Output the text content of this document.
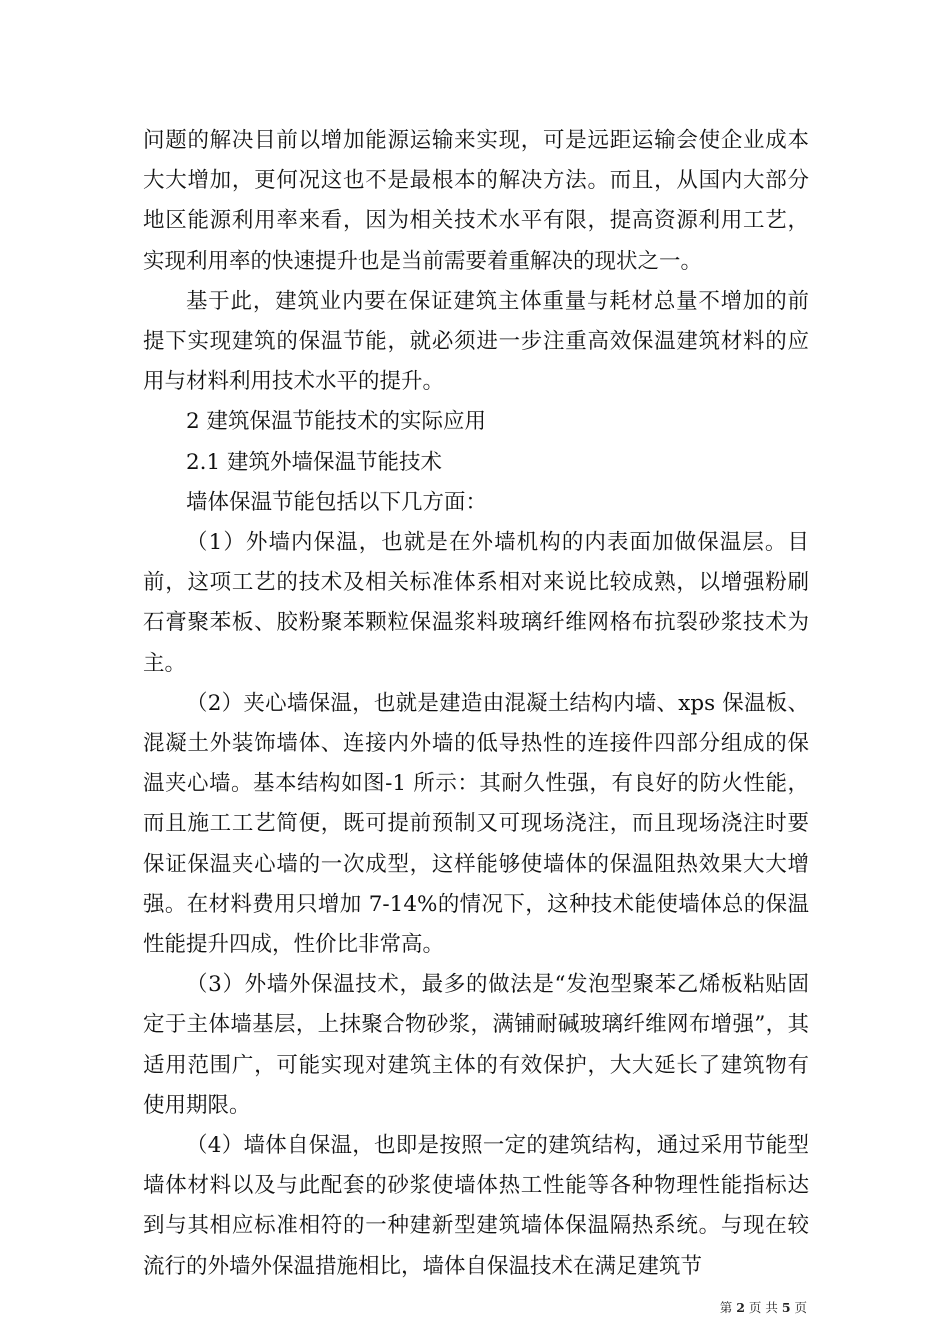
问题的解决目前以增加能源运输来实现，可是远距运输会使企业成本大大增加，更何况这也不是最根本的解决方法。而且，从国内大部分地区能源利用率来看，因为相关技术水平有限，提高资源利用工艺，实现利用率的快速提升也是当前需要着重解决的现状之一。

基于此，建筑业内要在保证建筑主体重量与耗材总量不增加的前提下实现建筑的保温节能，就必须进一步注重高效保温建筑材料的应用与材料利用技术水平的提升。

2 建筑保温节能技术的实际应用

2.1 建筑外墙保温节能技术

墙体保温节能包括以下几方面：

（1）外墙内保温，也就是在外墙机构的内表面加做保温层。目前，这项工艺的技术及相关标准体系相对来说比较成熟，以增强粉刷石膏聚苯板、胶粉聚苯颗粒保温浆料玻璃纤维网格布抗裂砂浆技术为主。

（2）夹心墙保温，也就是建造由混凝土结构内墙、xps 保温板、混凝土外装饰墙体、连接内外墙的低导热性的连接件四部分组成的保温夹心墙。基本结构如图-1 所示：其耐久性强，有良好的防火性能，而且施工工艺简便，既可提前预制又可现场浇注，而且现场浇注时要保证保温夹心墙的一次成型，这样能够使墙体的保温阻热效果大大增强。在材料费用只增加 7-14%的情况下，这种技术能使墙体总的保温性能提升四成，性价比非常高。

（3）外墙外保温技术，最多的做法是“发泡型聚苯乙烯板粘贴固定于主体墙基层，上抹聚合物砂浆，满铺耐碱玻璃纤维网布增强”，其适用范围广，可能实现对建筑主体的有效保护，大大延长了建筑物有使用期限。

（4）墙体自保温，也即是按照一定的建筑结构，通过采用节能型墙体材料以及与此配套的砂浆使墙体热工性能等各种物理性能指标达到与其相应标准相符的一种建新型建筑墙体保温隔热系统。与现在较流行的外墙外保温措施相比，墙体自保温技术在满足建筑节

第 2 页 共 5 页
